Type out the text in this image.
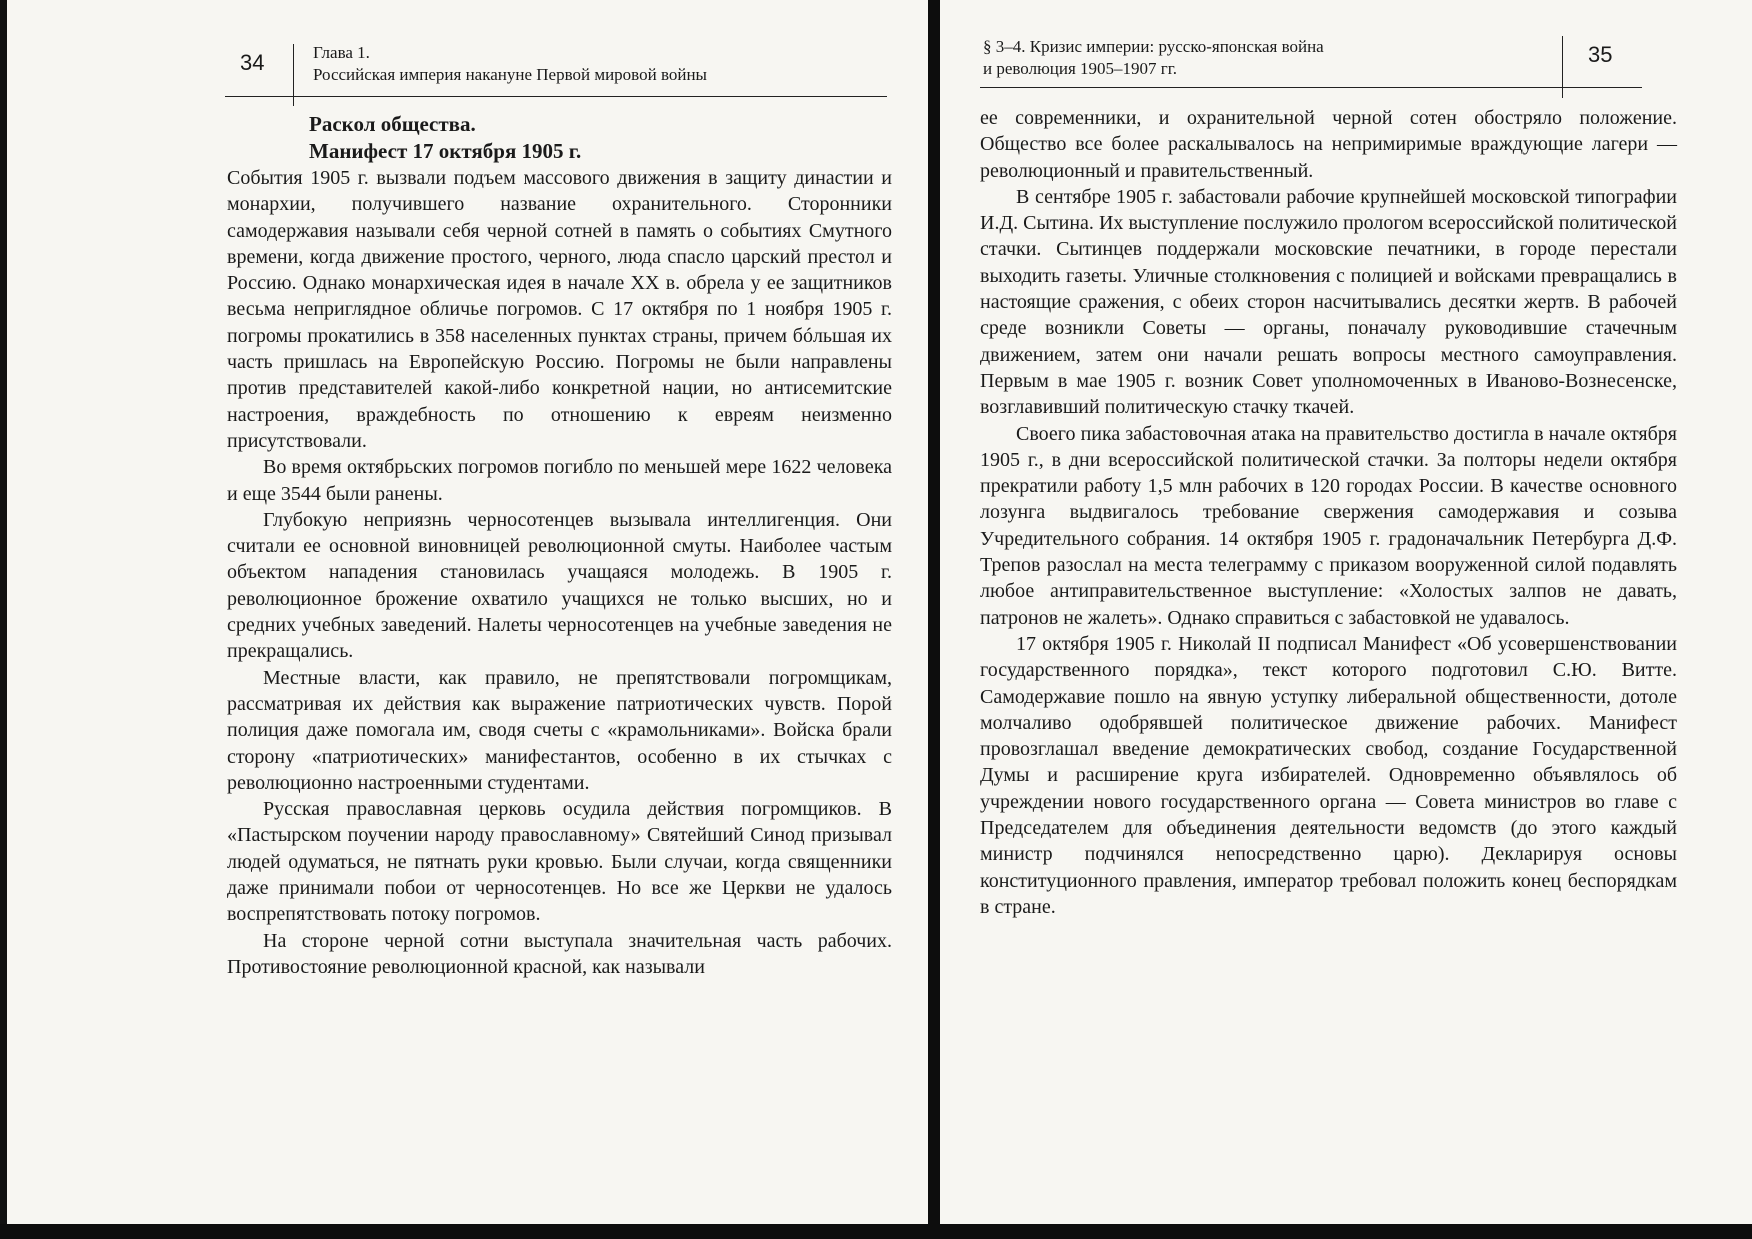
34	Глава 1.
Российская империя накануне Первой мировой войны
Раскол общества.
Манифест 17 октября 1905 г.

События 1905 г. вызвали подъем массового движения в защиту династии и монархии, получившего название охранительного. Сторонники самодержавия называли себя черной сотней в память о событиях Смутного времени, когда движение простого, черного, люда спасло царский престол и Россию. Однако монархическая идея в начале XX в. обрела у ее защитников весьма неприглядное обличье погромов. С 17 октября по 1 ноября 1905 г. погромы прокатились в 358 населенных пунктах страны, причем бóльшая их часть пришлась на Европейскую Россию. Погромы не были направлены против представителей какой-либо конкретной нации, но антисемитские настроения, враждебность по отношению к евреям неизменно присутствовали.

Во время октябрьских погромов погибло по меньшей мере 1622 человека и еще 3544 были ранены.

Глубокую неприязнь черносотенцев вызывала интеллигенция. Они считали ее основной виновницей революционной смуты. Наиболее частым объектом нападения становилась учащаяся молодежь. В 1905 г. революционное брожение охватило учащихся не только высших, но и средних учебных заведений. Налеты черносотенцев на учебные заведения не прекращались.

Местные власти, как правило, не препятствовали погромщикам, рассматривая их действия как выражение патриотических чувств. Порой полиция даже помогала им, сводя счеты с «крамольниками». Войска брали сторону «патриотических» манифестантов, особенно в их стычках с революционно настроенными студентами.

Русская православная церковь осудила действия погромщиков. В «Пастырском поучении народу православному» Святейший Синод призывал людей одуматься, не пятнать руки кровью. Были случаи, когда священники даже принимали побои от черносотенцев. Но все же Церкви не удалось воспрепятствовать потоку погромов.

На стороне черной сотни выступала значительная часть рабочих. Противостояние революционной красной, как называли

§ 3–4. Кризис империи: русско-японская война
и революция 1905–1907 гг.
35

ее современники, и охранительной черной сотен обостряло положение. Общество все более раскалывалось на непримиримые враждующие лагери — революционный и правительственный.

В сентябре 1905 г. забастовали рабочие крупнейшей московской типографии И.Д. Сытина. Их выступление послужило прологом всероссийской политической стачки. Сытинцев поддержали московские печатники, в городе перестали выходить газеты. Уличные столкновения с полицией и войсками превращались в настоящие сражения, с обеих сторон насчитывались десятки жертв. В рабочей среде возникли Советы — органы, поначалу руководившие стачечным движением, затем они начали решать вопросы местного самоуправления. Первым в мае 1905 г. возник Совет уполномоченных в Иваново-Вознесенске, возглавивший политическую стачку ткачей.

Своего пика забастовочная атака на правительство достигла в начале октября 1905 г., в дни всероссийской политической стачки. За полторы недели октября прекратили работу 1,5 млн рабочих в 120 городах России. В качестве основного лозунга выдвигалось требование свержения самодержавия и созыва Учредительного собрания. 14 октября 1905 г. градоначальник Петербурга Д.Ф. Трепов разослал на места телеграмму с приказом вооруженной силой подавлять любое антиправительственное выступление: «Холостых залпов не давать, патронов не жалеть». Однако справиться с забастовкой не удавалось.

17 октября 1905 г. Николай II подписал Манифест «Об усовершенствовании государственного порядка», текст которого подготовил С.Ю. Витте. Самодержавие пошло на явную уступку либеральной общественности, дотоле молчаливо одобрявшей политическое движение рабочих. Манифест провозглашал введение демократических свобод, создание Государственной Думы и расширение круга избирателей. Одновременно объявлялось об учреждении нового государственного органа — Совета министров во главе с Председателем для объединения деятельности ведомств (до этого каждый министр подчинялся непосредственно царю). Декларируя основы конституционного правления, император требовал положить конец беспорядкам в стране.
